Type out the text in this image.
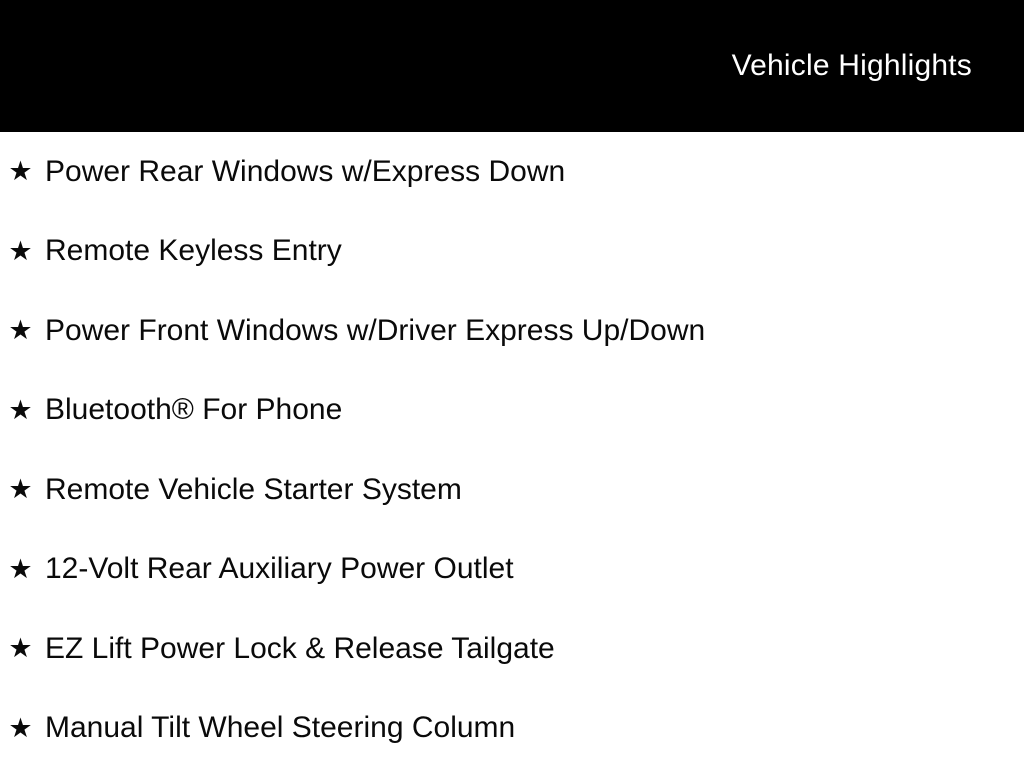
Vehicle Highlights
★ Power Rear Windows w/Express Down
★ Remote Keyless Entry
★ Power Front Windows w/Driver Express Up/Down
★ Bluetooth® For Phone
★ Remote Vehicle Starter System
★ 12-Volt Rear Auxiliary Power Outlet
★ EZ Lift Power Lock & Release Tailgate
★ Manual Tilt Wheel Steering Column
